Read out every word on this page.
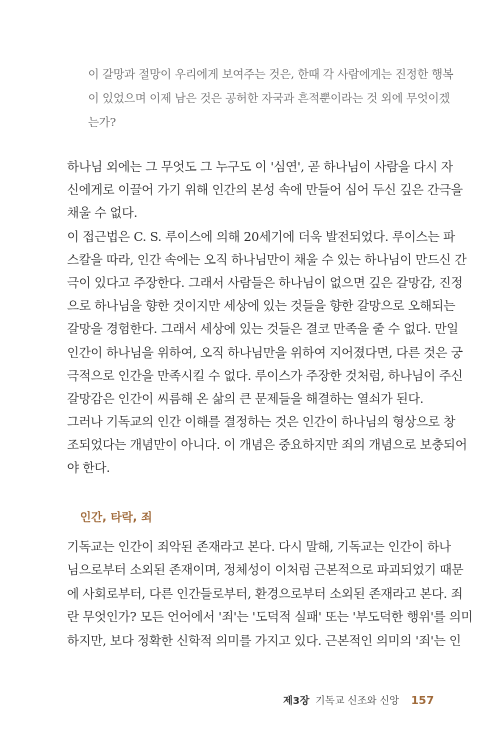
이 갈망과 절망이 우리에게 보여주는 것은, 한때 각 사람에게는 진정한 행복
이 있었으며 이제 남은 것은 공허한 자국과 흔적뿐이라는 것 외에 무엇이겠
는가?
하나님 외에는 그 무엇도 그 누구도 이 '심연', 곧 하나님이 사람을 다시 자
신에게로 이끌어 가기 위해 인간의 본성 속에 만들어 심어 두신 깊은 간극을
채울 수 없다.
이 접근법은 C. S. 루이스에 의해 20세기에 더욱 발전되었다. 루이스는 파
스칼을 따라, 인간 속에는 오직 하나님만이 채울 수 있는 하나님이 만드신 간
극이 있다고 주장한다. 그래서 사람들은 하나님이 없으면 깊은 갈망감, 진정
으로 하나님을 향한 것이지만 세상에 있는 것들을 향한 갈망으로 오해되는
갈망을 경험한다. 그래서 세상에 있는 것들은 결코 만족을 줄 수 없다. 만일
인간이 하나님을 위하여, 오직 하나님만을 위하여 지어졌다면, 다른 것은 궁
극적으로 인간을 만족시킬 수 없다. 루이스가 주장한 것처럼, 하나님이 주신
갈망감은 인간이 씨름해 온 삶의 큰 문제들을 해결하는 열쇠가 된다.
그러나 기독교의 인간 이해를 결정하는 것은 인간이 하나님의 형상으로 창
조되었다는 개념만이 아니다. 이 개념은 중요하지만 죄의 개념으로 보충되어
야 한다.
인간, 타락, 죄
기독교는 인간이 죄악된 존재라고 본다. 다시 말해, 기독교는 인간이 하나
님으로부터 소외된 존재이며, 정체성이 이처럼 근본적으로 파괴되었기 때문
에 사회로부터, 다른 인간들로부터, 환경으로부터 소외된 존재라고 본다. 죄
란 무엇인가? 모든 언어에서 '죄'는 '도덕적 실패' 또는 '부도덕한 행위'를 의미
하지만, 보다 정확한 신학적 의미를 가지고 있다. 근본적인 의미의 '죄'는 인
제3장 기독교 신조와 신앙 157
